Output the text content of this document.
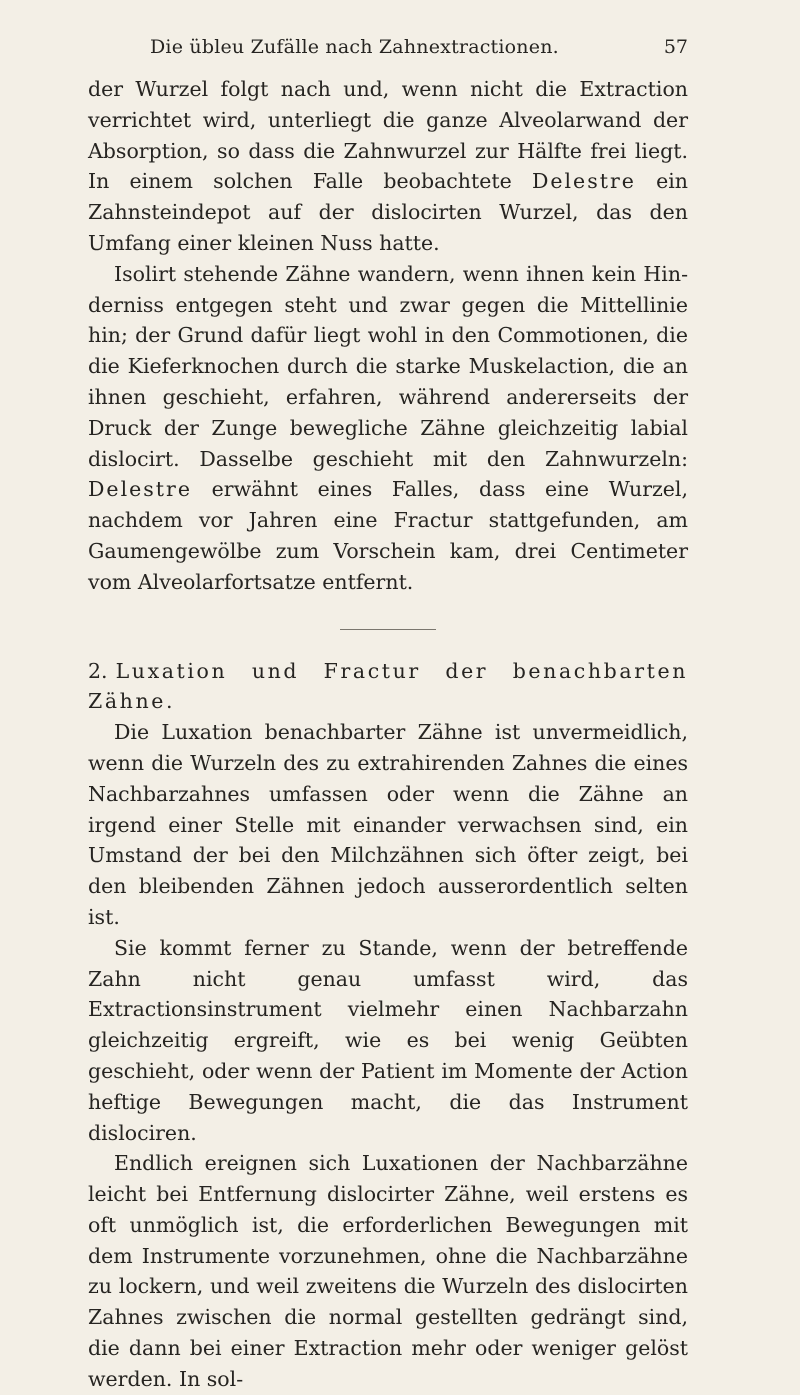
Die übleu Zufälle nach Zahnextractionen.	57

der Wurzel folgt nach und, wenn nicht die Extraction verrichtet wird, unterliegt die ganze Alveolarwand der Absorption, so dass die Zahnwurzel zur Hälfte frei liegt. In einem solchen Falle beobachtete Delestre ein Zahnsteindepot auf der dislocirten Wurzel, das den Umfang einer kleinen Nuss hatte.

Isolirt stehende Zähne wandern, wenn ihnen kein Hinderniss entgegen steht und zwar gegen die Mittellinie hin; der Grund dafür liegt wohl in den Commotionen, die die Kieferknochen durch die starke Muskelaction, die an ihnen geschieht, erfahren, während andererseits der Druck der Zunge bewegliche Zähne gleichzeitig labial dislocirt. Dasselbe geschieht mit den Zahnwurzeln: Delestre erwähnt eines Falles, dass eine Wurzel, nachdem vor Jahren eine Fractur stattgefunden, am Gaumengewölbe zum Vorschein kam, drei Centimeter vom Alveolarfortsatze entfernt.

2. Luxation und Fractur der benachbarten Zähne.

Die Luxation benachbarter Zähne ist unvermeidlich, wenn die Wurzeln des zu extrahirenden Zahnes die eines Nachbarzahnes umfassen oder wenn die Zähne an irgend einer Stelle mit einander verwachsen sind, ein Umstand der bei den Milchzähnen sich öfter zeigt, bei den bleibenden Zähnen jedoch ausserordentlich selten ist.

Sie kommt ferner zu Stande, wenn der betreffende Zahn nicht genau umfasst wird, das Extractionsinstrument vielmehr einen Nachbarzahn gleichzeitig ergreift, wie es bei wenig Geübten geschieht, oder wenn der Patient im Momente der Action heftige Bewegungen macht, die das Instrument dislociren.

Endlich ereignen sich Luxationen der Nachbarzähne leicht bei Entfernung dislocirter Zähne, weil erstens es oft unmöglich ist, die erforderlichen Bewegungen mit dem Instrumente vorzunehmen, ohne die Nachbarzähne zu lockern, und weil zweitens die Wurzeln des dislocirten Zahnes zwischen die normal gestellten gedrängt sind, die dann bei einer Extraction mehr oder weniger gelöst werden. In sol-
